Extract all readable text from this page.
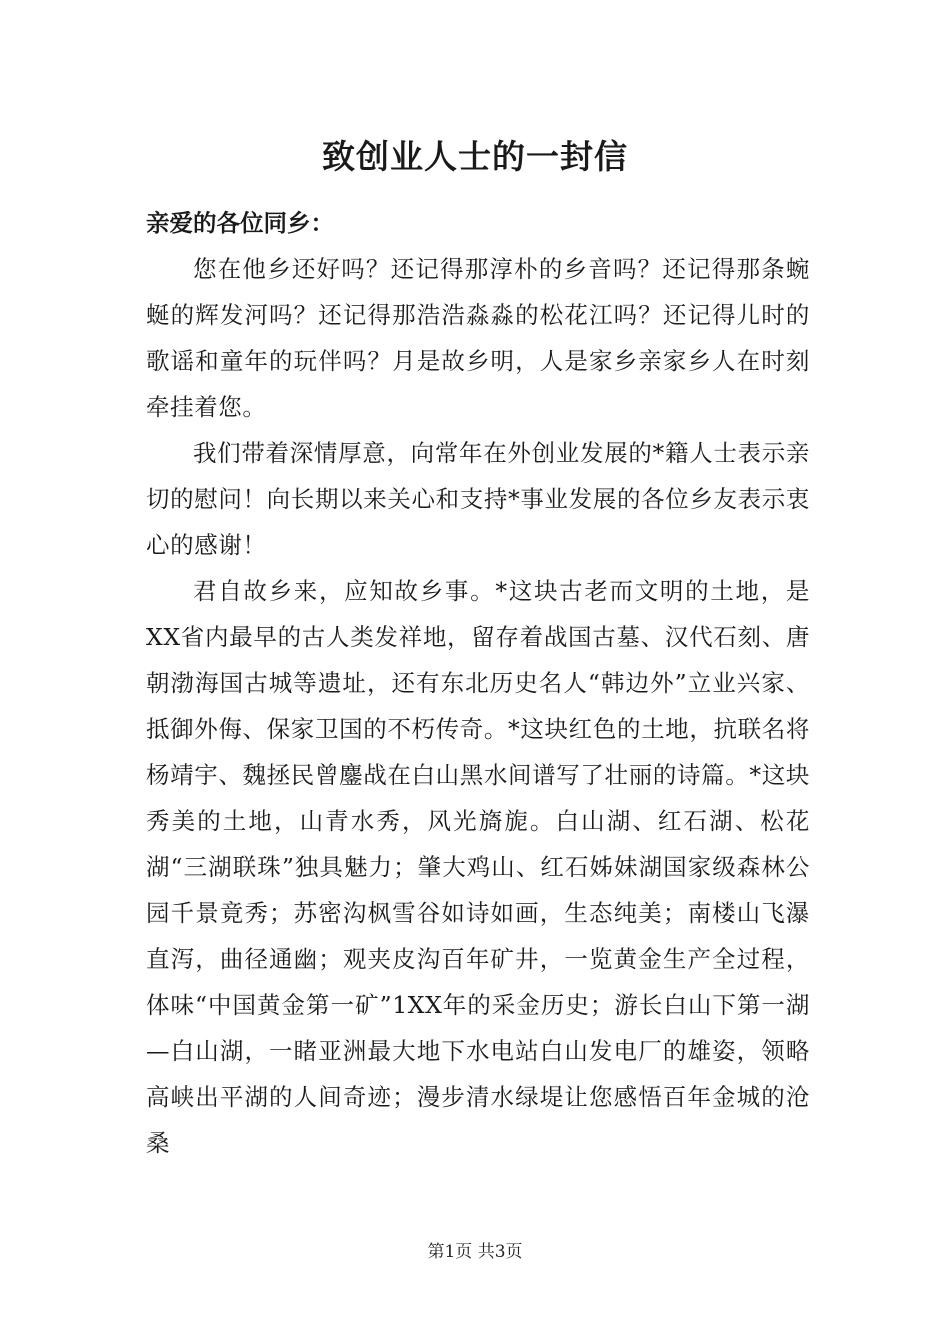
致创业人士的一封信

亲爱的各位同乡：

您在他乡还好吗？还记得那淳朴的乡音吗？还记得那条蜿蜒的辉发河吗？还记得那浩浩淼淼的松花江吗？还记得儿时的歌谣和童年的玩伴吗？月是故乡明，人是家乡亲家乡人在时刻牵挂着您。

我们带着深情厚意，向常年在外创业发展的*籍人士表示亲切的慰问！向长期以来关心和支持*事业发展的各位乡友表示衷心的感谢！

君自故乡来，应知故乡事。*这块古老而文明的土地，是XX省内最早的古人类发祥地，留存着战国古墓、汉代石刻、唐朝渤海国古城等遗址，还有东北历史名人“韩边外”立业兴家、抵御外侮、保家卫国的不朽传奇。*这块红色的土地，抗联名将杨靖宇、魏拯民曾鏖战在白山黑水间谱写了壮丽的诗篇。*这块秀美的土地，山青水秀，风光旖旎。白山湖、红石湖、松花湖“三湖联珠”独具魅力；肇大鸡山、红石姊妹湖国家级森林公园千景竟秀；苏密沟枫雪谷如诗如画，生态纯美；南楼山飞瀑直泻，曲径通幽；观夹皮沟百年矿井，一览黄金生产全过程，体味“中国黄金第一矿”1XX年的采金历史；游长白山下第一湖—白山湖，一睹亚洲最大地下水电站白山发电厂的雄姿，领略高峡出平湖的人间奇迹；漫步清水绿堤让您感悟百年金城的沧桑

第1页 共3页
